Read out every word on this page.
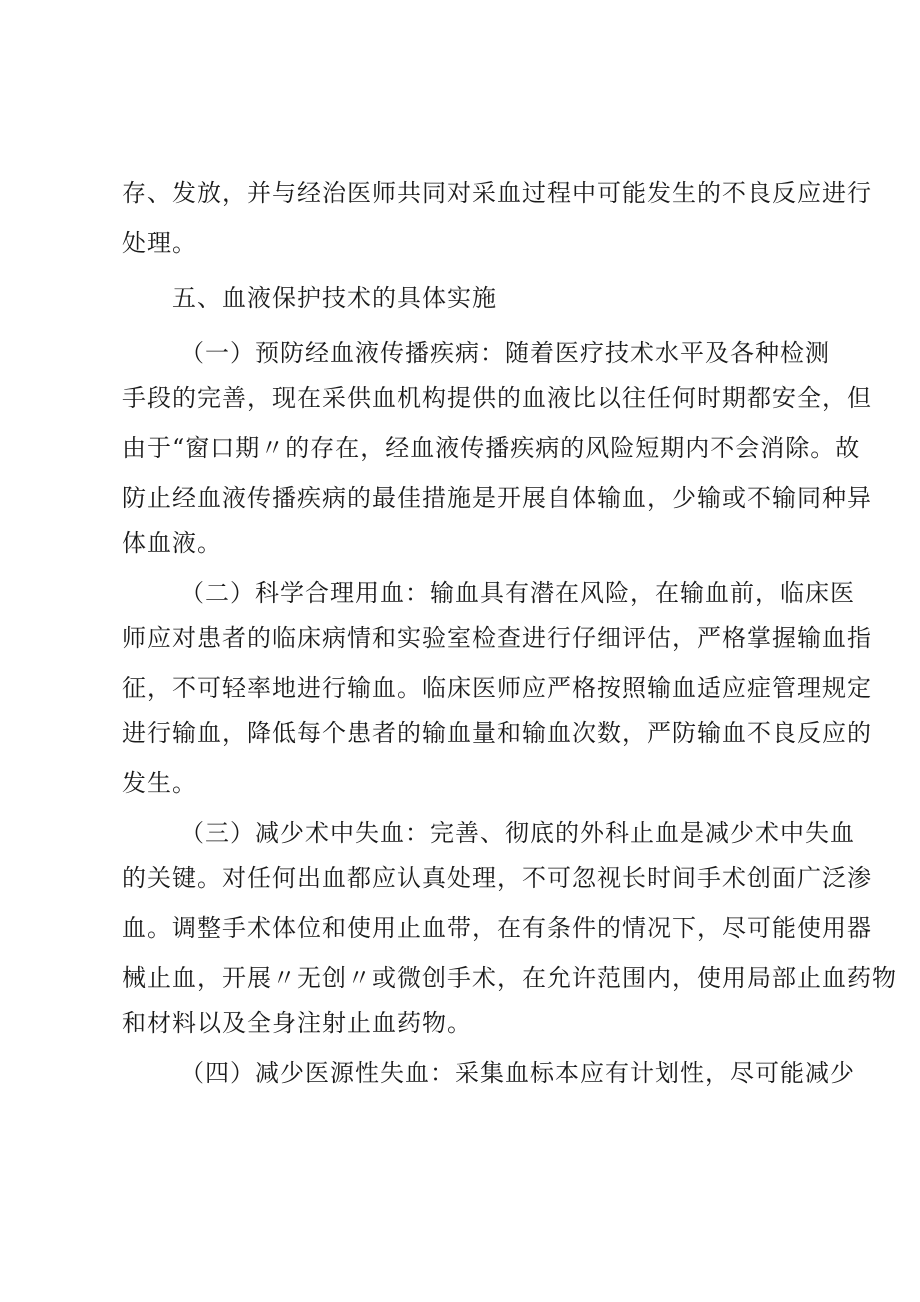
存、发放，并与经治医师共同对采血过程中可能发生的不良反应进行
处理。
五、血液保护技术的具体实施
（一）预防经血液传播疾病：随着医疗技术水平及各种检测
手段的完善，现在采供血机构提供的血液比以往任何时期都安全，但
由于“窗口期〃的存在，经血液传播疾病的风险短期内不会消除。故
防止经血液传播疾病的最佳措施是开展自体输血，少输或不输同种异
体血液。
（二）科学合理用血：输血具有潜在风险，在输血前，临床医
师应对患者的临床病情和实验室检查进行仔细评估，严格掌握输血指
征，不可轻率地进行输血。临床医师应严格按照输血适应症管理规定
进行输血，降低每个患者的输血量和输血次数，严防输血不良反应的
发生。
（三）减少术中失血：完善、彻底的外科止血是减少术中失血
的关键。对任何出血都应认真处理，不可忽视长时间手术创面广泛渗
血。调整手术体位和使用止血带，在有条件的情况下，尽可能使用器
械止血，开展〃无创〃或微创手术，在允许范围内，使用局部止血药物
和材料以及全身注射止血药物。
（四）减少医源性失血：采集血标本应有计划性，尽可能减少
